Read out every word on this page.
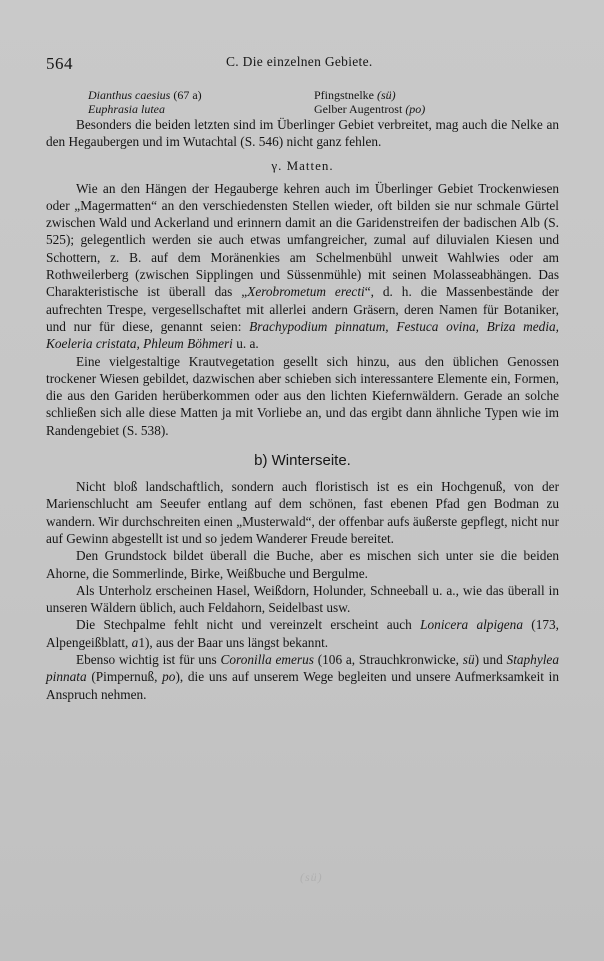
564	C. Die einzelnen Gebiete.
Dianthus caesius (67 a)	Pfingstnelke (sü)
Euphrasia lutea	Gelber Augentrost (po)

Besonders die beiden letzten sind im Überlinger Gebiet verbreitet, mag auch die Nelke an den Hegaubergen und im Wutachtal (S. 546) nicht ganz fehlen.

γ. Matten.

Wie an den Hängen der Hegauberge kehren auch im Überlinger Gebiet Trockenwiesen oder „Magermatten“ an den verschiedensten Stellen wieder, oft bilden sie nur schmale Gürtel zwischen Wald und Ackerland und erinnern damit an die Garidenstreifen der badischen Alb (S. 525); gelegentlich werden sie auch etwas umfangreicher, zumal auf diluvialen Kiesen und Schottern, z. B. auf dem Moränenkies am Schelmenbühl unweit Wahlwies oder am Rothweilerberg (zwischen Sipplingen und Süssenmühle) mit seinen Molasseabhängen. Das Charakteristische ist überall das „Xerobrometum erecti“, d. h. die Massenbestände der aufrechten Trespe, vergesellschaftet mit allerlei andern Gräsern, deren Namen für Botaniker, und nur für diese, genannt seien: Brachypodium pinnatum, Festuca ovina, Briza media, Koeleria cristata, Phleum Böhmeri u. a.

Eine vielgestaltige Krautvegetation gesellt sich hinzu, aus den üblichen Genossen trockener Wiesen gebildet, dazwischen aber schieben sich interessantere Elemente ein, Formen, die aus den Gariden herüberkommen oder aus den lichten Kiefernwäldern. Gerade an solche schließen sich alle diese Matten ja mit Vorliebe an, und das ergibt dann ähnliche Typen wie im Randengebiet (S. 538).

b) Winterseite.

Nicht bloß landschaftlich, sondern auch floristisch ist es ein Hochgenuß, von der Marienschlucht am Seeufer entlang auf dem schönen, fast ebenen Pfad gen Bodman zu wandern. Wir durchschreiten einen „Musterwald“, der offenbar aufs äußerste gepflegt, nicht nur auf Gewinn abgestellt ist und so jedem Wanderer Freude bereitet.

Den Grundstock bildet überall die Buche, aber es mischen sich unter sie die beiden Ahorne, die Sommerlinde, Birke, Weißbuche und Bergulme.

Als Unterholz erscheinen Hasel, Weißdorn, Holunder, Schneeball u. a., wie das überall in unseren Wäldern üblich, auch Feldahorn, Seidelbast usw.

Die Stechpalme fehlt nicht und vereinzelt erscheint auch Lonicera alpigena (173, Alpengeißblatt, a1), aus der Baar uns längst bekannt.

Ebenso wichtig ist für uns Coronilla emerus (106 a, Strauchkronwicke, sü) und Staphylea pinnata (Pimpernuß, po), die uns auf unserem Wege begleiten und unsere Aufmerksamkeit in Anspruch nehmen.

(sü)
